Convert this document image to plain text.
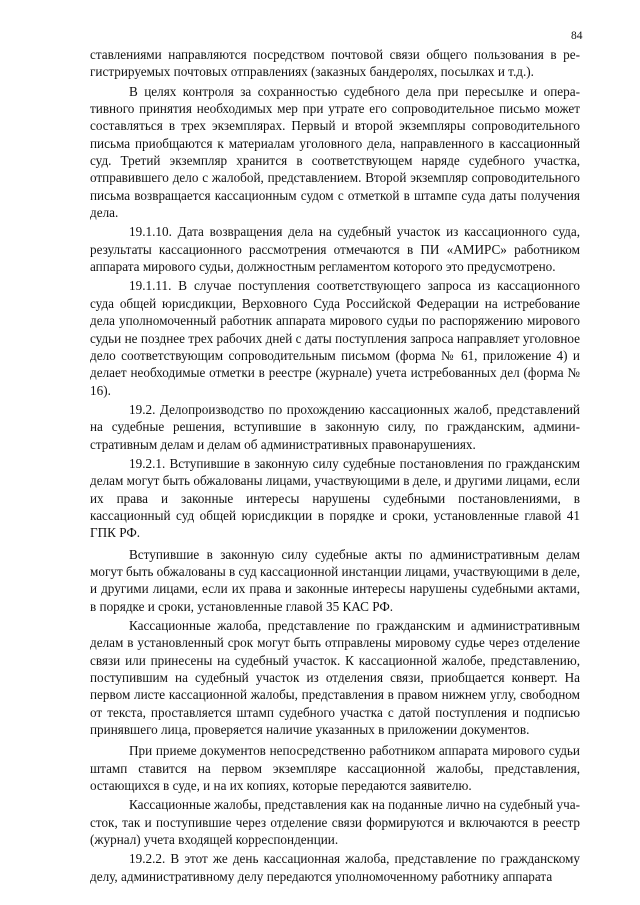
84

ставлениями направляются посредством почтовой связи общего пользования в регистрируемых почтовых отправлениях (заказных бандеролях, посылках и т.д.).

В целях контроля за сохранностью судебного дела при пересылке и оперативного принятия необходимых мер при утрате его сопроводительное письмо может составляться в трех экземплярах. Первый и второй экземпляры сопроводительного письма приобщаются к материалам уголовного дела, направленного в кассационный суд. Третий экземпляр хранится в соответствующем наряде судебного участка, отправившего дело с жалобой, представлением. Второй экземпляр сопроводительного письма возвращается кассационным судом с отметкой в штампе суда даты получения дела.

19.1.10. Дата возвращения дела на судебный участок из кассационного суда, результаты кассационного рассмотрения отмечаются в ПИ «АМИРС» работником аппарата мирового судьи, должностным регламентом которого это предусмотрено.

19.1.11. В случае поступления соответствующего запроса из кассационного суда общей юрисдикции, Верховного Суда Российской Федерации на истребование дела уполномоченный работник аппарата мирового судьи по распоряжению мирового судьи не позднее трех рабочих дней с даты поступления запроса направляет уголовное дело соответствующим сопроводительным письмом (форма № 61, приложение 4) и делает необходимые отметки в реестре (журнале) учета истребованных дел (форма № 16).

19.2. Делопроизводство по прохождению кассационных жалоб, представлений на судебные решения, вступившие в законную силу, по гражданским, административным делам и делам об административных правонарушениях.

19.2.1. Вступившие в законную силу судебные постановления по гражданским делам могут быть обжалованы лицами, участвующими в деле, и другими лицами, если их права и законные интересы нарушены судебными постановлениями, в кассационный суд общей юрисдикции в порядке и сроки, установленные главой 41 ГПК РФ.

Вступившие в законную силу судебные акты по административным делам могут быть обжалованы в суд кассационной инстанции лицами, участвующими в деле, и другими лицами, если их права и законные интересы нарушены судебными актами, в порядке и сроки, установленные главой 35 КАС РФ.

Кассационные жалоба, представление по гражданским и административным делам в установленный срок могут быть отправлены мировому судье через отделение связи или принесены на судебный участок. К кассационной жалобе, представлению, поступившим на судебный участок из отделения связи, приобщается конверт. На первом листе кассационной жалобы, представления в правом нижнем углу, свободном от текста, проставляется штамп судебного участка с датой поступления и подписью принявшего лица, проверяется наличие указанных в приложении документов.

При приеме документов непосредственно работником аппарата мирового судьи штамп ставится на первом экземпляре кассационной жалобы, представления, остающихся в суде, и на их копиях, которые передаются заявителю.

Кассационные жалобы, представления как на поданные лично на судебный участок, так и поступившие через отделение связи формируются и включаются в реестр (журнал) учета входящей корреспонденции.

19.2.2. В этот же день кассационная жалоба, представление по гражданскому делу, административному делу передаются уполномоченному работнику аппарата
